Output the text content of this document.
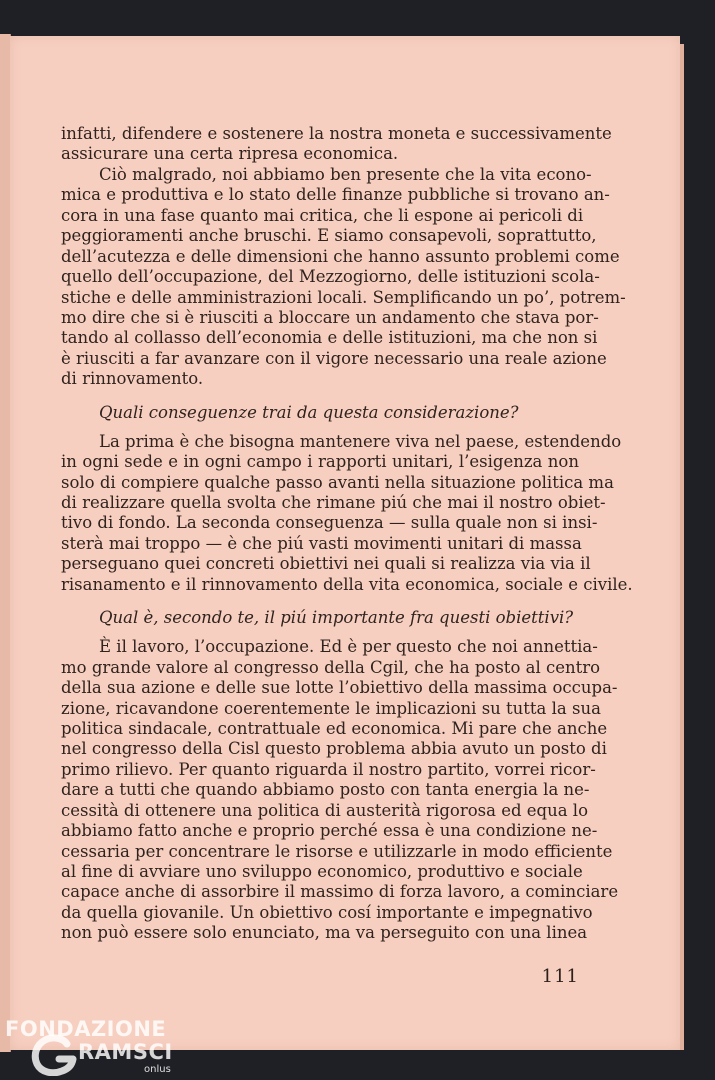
infatti, difendere e sostenere la nostra moneta e successivamente
assicurare una certa ripresa economica.
Ciò malgrado, noi abbiamo ben presente che la vita econo-
mica e produttiva e lo stato delle finanze pubbliche si trovano an-
cora in una fase quanto mai critica, che li espone ai pericoli di
peggioramenti anche bruschi. E siamo consapevoli, soprattutto,
dell’acutezza e delle dimensioni che hanno assunto problemi come
quello dell’occupazione, del Mezzogiorno, delle istituzioni scola-
stiche e delle amministrazioni locali. Semplificando un po’, potrem-
mo dire che si è riusciti a bloccare un andamento che stava por-
tando al collasso dell’economia e delle istituzioni, ma che non si
è riusciti a far avanzare con il vigore necessario una reale azione
di rinnovamento.
Quali conseguenze trai da questa considerazione?
La prima è che bisogna mantenere viva nel paese, estendendo
in ogni sede e in ogni campo i rapporti unitari, l’esigenza non
solo di compiere qualche passo avanti nella situazione politica ma
di realizzare quella svolta che rimane piú che mai il nostro obiet-
tivo di fondo. La seconda conseguenza — sulla quale non si insi-
sterà mai troppo — è che piú vasti movimenti unitari di massa
perseguano quei concreti obiettivi nei quali si realizza via via il
risanamento e il rinnovamento della vita economica, sociale e civile.
Qual è, secondo te, il piú importante fra questi obiettivi?
È il lavoro, l’occupazione. Ed è per questo che noi annettia-
mo grande valore al congresso della Cgil, che ha posto al centro
della sua azione e delle sue lotte l’obiettivo della massima occupa-
zione, ricavandone coerentemente le implicazioni su tutta la sua
politica sindacale, contrattuale ed economica. Mi pare che anche
nel congresso della Cisl questo problema abbia avuto un posto di
primo rilievo. Per quanto riguarda il nostro partito, vorrei ricor-
dare a tutti che quando abbiamo posto con tanta energia la ne-
cessità di ottenere una politica di austerità rigorosa ed equa lo
abbiamo fatto anche e proprio perché essa è una condizione ne-
cessaria per concentrare le risorse e utilizzarle in modo efficiente
al fine di avviare uno sviluppo economico, produttivo e sociale
capace anche di assorbire il massimo di forza lavoro, a cominciare
da quella giovanile. Un obiettivo cosí importante e impegnativo
non può essere solo enunciato, ma va perseguito con una linea
111
FONDAZIONE
RAMSCI
onlus
